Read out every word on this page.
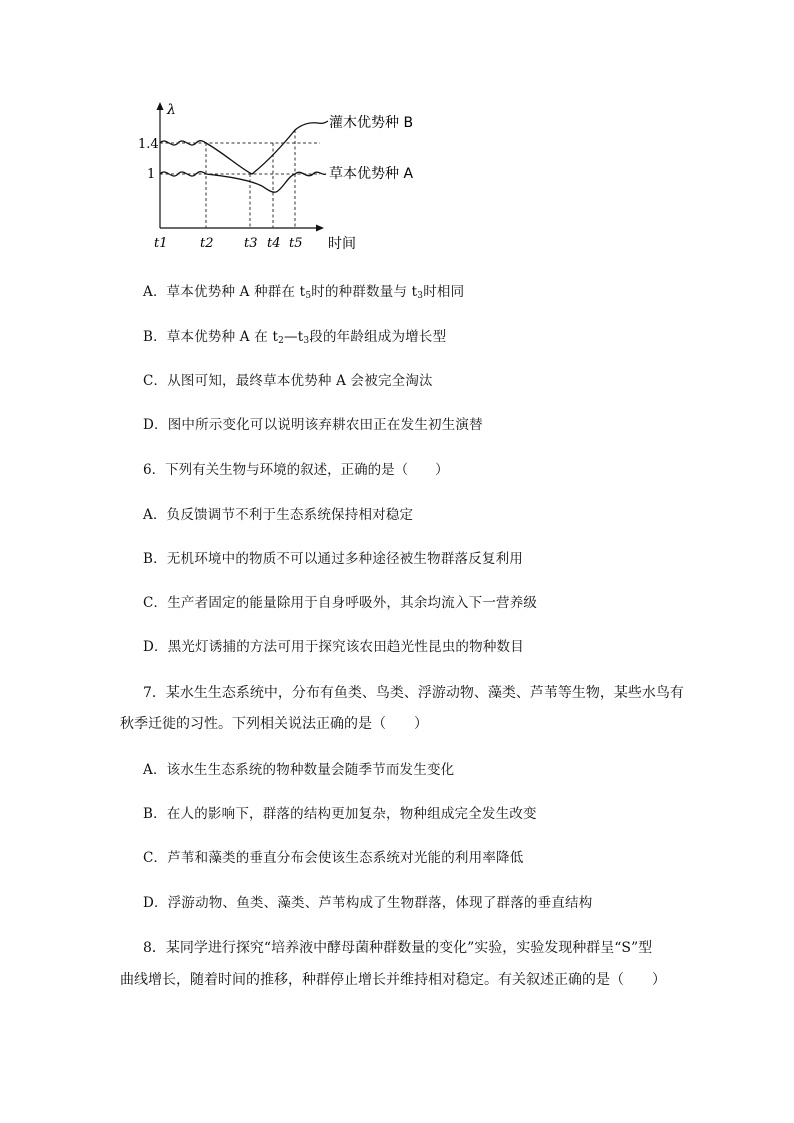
λ
时间
1.4
1
灌木优势种 B
草本优势种 A
t1	t2 t3 t4 t5
A．草本优势种 A 种群在 $t_5$时的种群数量与 $t_3$时相同
B．草本优势种 A 在 $t_2—t_3$段的年龄组成为增长型
C．从图可知，最终草本优势种 A 会被完全淘汰
D．图中所示变化可以说明该弃耕农田正在发生初生演替
6．下列有关生物与环境的叙述，正确的是（　　）
A．负反馈调节不利于生态系统保持相对稳定
B．无机环境中的物质不可以通过多种途径被生物群落反复利用
C．生产者固定的能量除用于自身呼吸外，其余均流入下一营养级
D．黑光灯诱捕的方法可用于探究该农田趋光性昆虫的物种数目
7．某水生生态系统中，分布有鱼类、鸟类、浮游动物、藻类、芦苇等生物，某些水鸟有
秋季迁徙的习性。下列相关说法正确的是（　　）
A．该水生生态系统的物种数量会随季节而发生变化
B．在人的影响下，群落的结构更加复杂，物种组成完全发生改变
C．芦苇和藻类的垂直分布会使该生态系统对光能的利用率降低
D．浮游动物、鱼类、藻类、芦苇构成了生物群落，体现了群落的垂直结构
8．某同学进行探究“培养液中酵母菌种群数量的变化”实验，实验发现种群呈“S”型
曲线增长，随着时间的推移，种群停止增长并维持相对稳定。有关叙述正确的是（　　）
